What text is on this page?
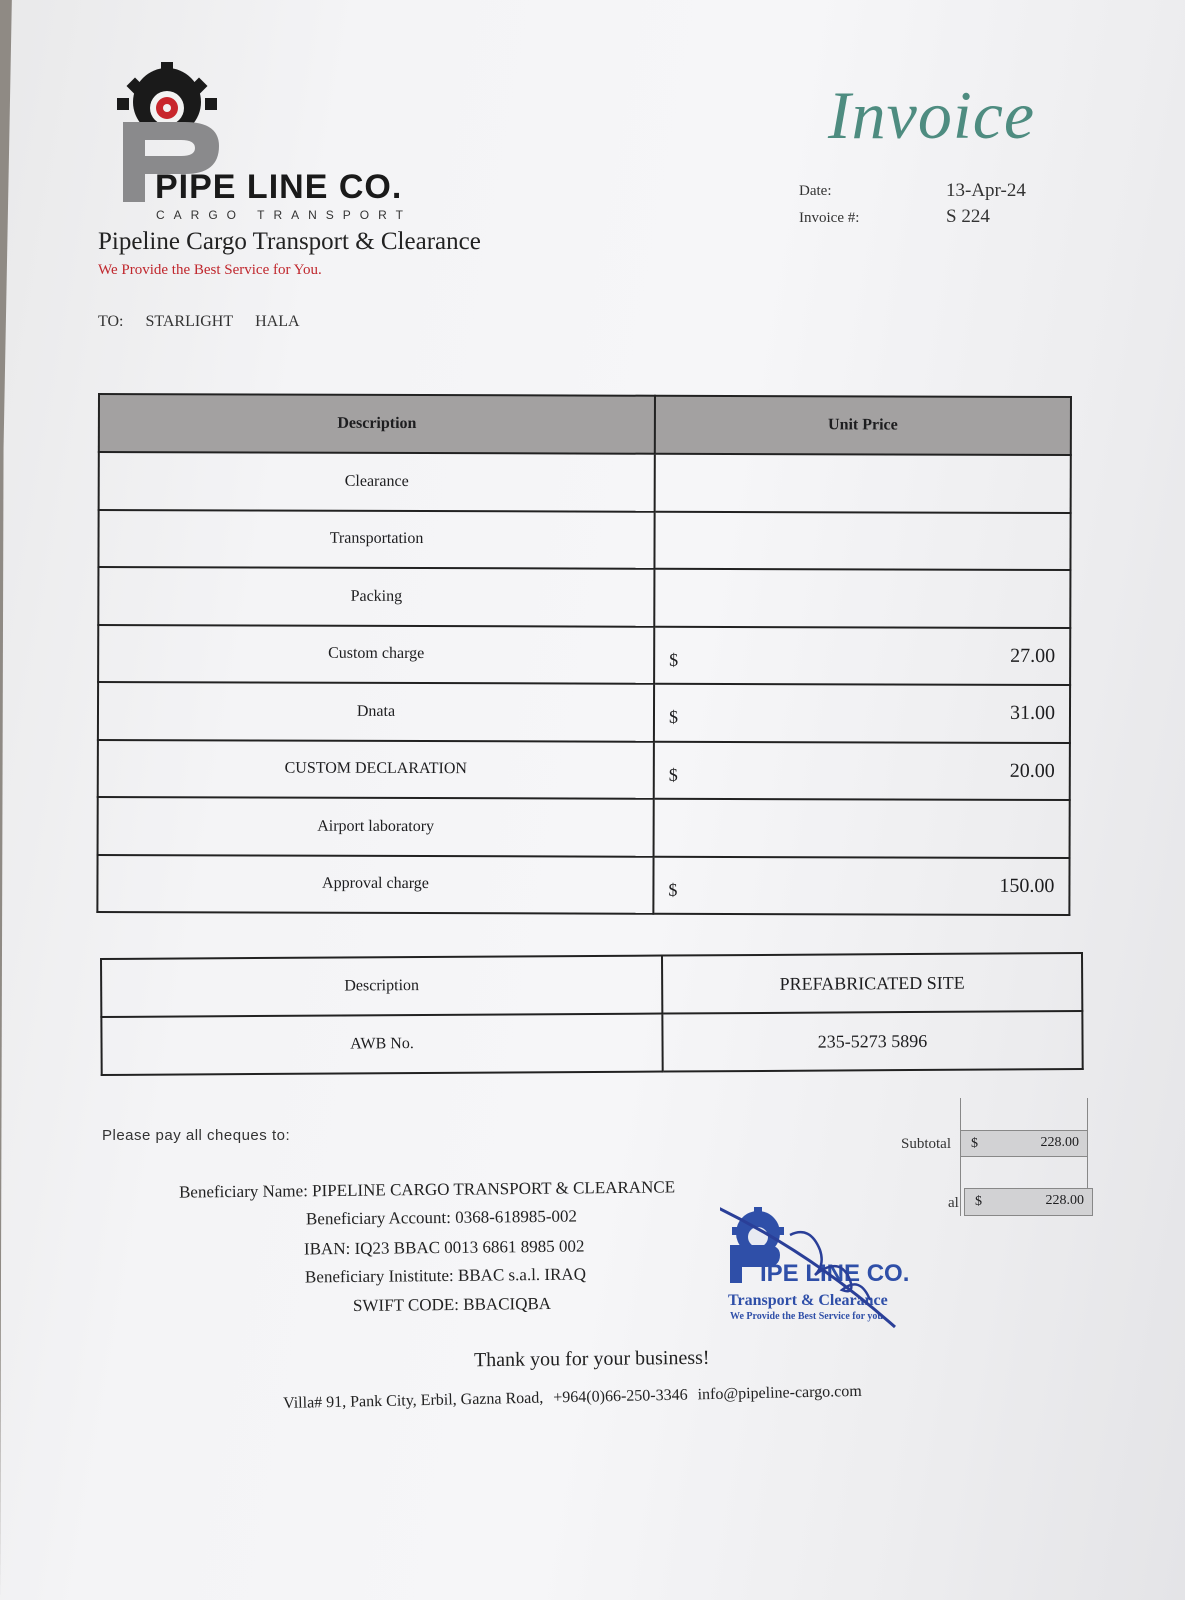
PIPE LINE CO.
CARGO TRANSPORT
Pipeline Cargo Transport & Clearance
We Provide the Best Service for You.
Invoice
Date:	13-Apr-24
Invoice #:	S 224
TO: STARLIGHT HALA
Description	Unit Price
Clearance	

Transportation	

Packing	

Custom charge	$ 27.00

Dnata	$ 31.00

CUSTOM DECLARATION	$ 20.00

Airport laboratory	

Approval charge	$ 150.00
Description	PREFABRICATED SITE
AWB No.	235-5273 5896
Please pay all cheques to:
Beneficiary Name: PIPELINE CARGO TRANSPORT & CLEARANCE
Beneficiary Account: 0368-618985-002
IBAN: IQ23 BBAC 0013 6861 8985 002
Beneficiary Inistitute: BBAC s.a.l. IRAQ
SWIFT CODE: BBACIQBA
Subtotal $	228.00
al $	228.00
IPE LINE CO.
Transport & Clearance
We Provide the Best Service for you.
Thank you for your business!
Villa# 91, Pank City, Erbil, Gazna Road, +964(0)66-250-3346 info@pipeline-cargo.com
